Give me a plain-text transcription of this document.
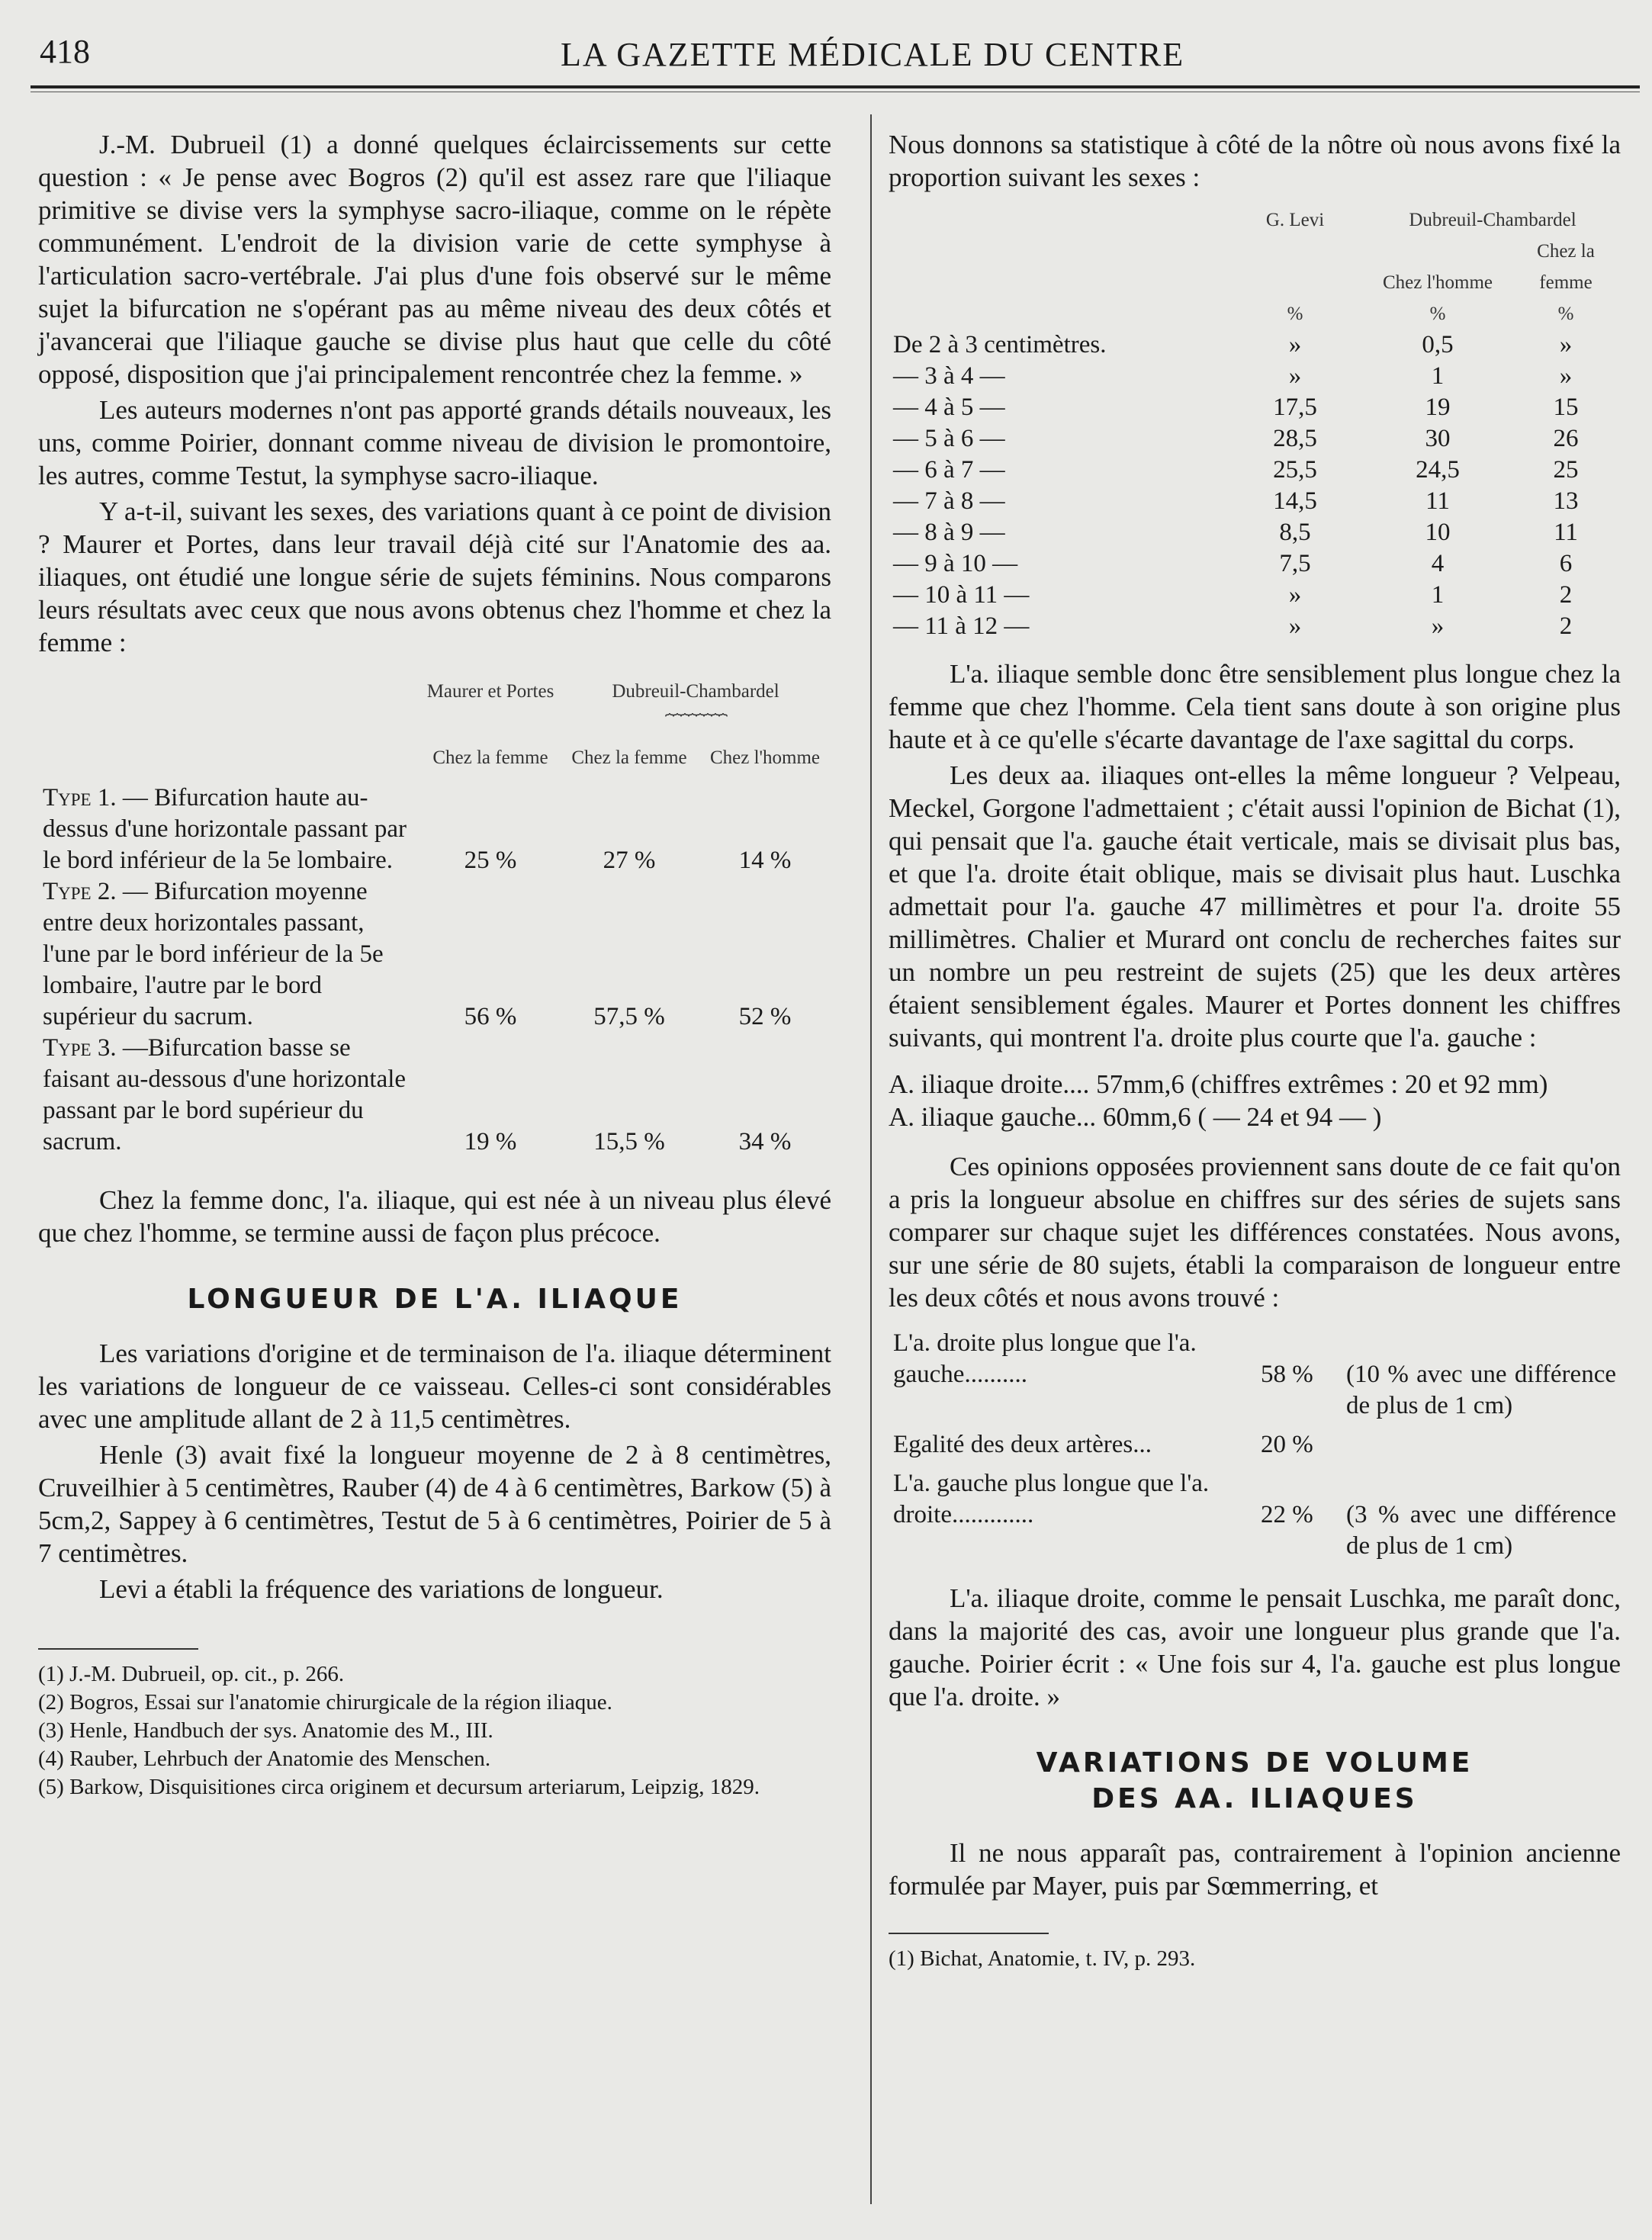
418	LA GAZETTE MÉDICALE DU CENTRE

J.-M. Dubrueil (1) a donné quelques éclaircissements sur cette question : « Je pense avec Bogros (2) qu'il est assez rare que l'iliaque primitive se divise vers la symphyse sacro-iliaque, comme on le répète communément. L'endroit de la division varie de cette symphyse à l'articulation sacro-vertébrale. J'ai plus d'une fois observé sur le même sujet la bifurcation ne s'opérant pas au même niveau des deux côtés et j'avancerai que l'iliaque gauche se divise plus haut que celle du côté opposé, disposition que j'ai principalement rencontrée chez la femme. »

Les auteurs modernes n'ont pas apporté grands détails nouveaux, les uns, comme Poirier, donnant comme niveau de division le promontoire, les autres, comme Testut, la symphyse sacro-iliaque.

Y a-t-il, suivant les sexes, des variations quant à ce point de division ? Maurer et Portes, dans leur travail déjà cité sur l'Anatomie des aa. iliaques, ont étudié une longue série de sujets féminins. Nous comparons leurs résultats avec ceux que nous avons obtenus chez l'homme et chez la femme :

	Maurer et Portes	Dubreuil-Chambardel	
		⏞⏞⏞⏞⏞⏞⏞⏞	
	Chez la femme	Chez la femme	Chez l'homme
Type 1. — Bifurcation haute au-dessus d'une horizontale passant par le bord inférieur de la 5e lombaire.	25 %	27 %	14 %
Type 2. — Bifurcation moyenne entre deux horizontales passant, l'une par le bord inférieur de la 5e lombaire, l'autre par le bord supérieur du sacrum.	56 %	57,5 %	52 %
Type 3. —Bifurcation basse se faisant au-dessous d'une horizontale passant par le bord supérieur du sacrum.	19 %	15,5 %	34 %

Chez la femme donc, l'a. iliaque, qui est née à un niveau plus élevé que chez l'homme, se termine aussi de façon plus précoce.

LONGUEUR DE L'A. ILIAQUE

Les variations d'origine et de terminaison de l'a. iliaque déterminent les variations de longueur de ce vaisseau. Celles-ci sont considérables avec une amplitude allant de 2 à 11,5 centimètres.

Henle (3) avait fixé la longueur moyenne de 2 à 8 centimètres, Cruveilhier à 5 centimètres, Rauber (4) de 4 à 6 centimètres, Barkow (5) à 5cm,2, Sappey à 6 centimètres, Testut de 5 à 6 centimètres, Poirier de 5 à 7 centimètres.

Levi a établi la fréquence des variations de longueur.

(1) J.-M. Dubrueil, op. cit., p. 266.
(2) Bogros, Essai sur l'anatomie chirurgicale de la région iliaque.
(3) Henle, Handbuch der sys. Anatomie des M., III.
(4) Rauber, Lehrbuch der Anatomie des Menschen.
(5) Barkow, Disquisitiones circa originem et decursum arteriarum, Leipzig, 1829.

Nous donnons sa statistique à côté de la nôtre où nous avons fixé la proportion suivant les sexes :

	G. Levi	Dubreuil-Chambardel	
		Chez l'homme	Chez la femme
	%	%	%
De 2 à 3 centimètres.	»	0,5	»
— 3 à 4 —	»	1	»
— 4 à 5 —	17,5	19	15
— 5 à 6 —	28,5	30	26
— 6 à 7 —	25,5	24,5	25
— 7 à 8 —	14,5	11	13
— 8 à 9 —	8,5	10	11
— 9 à 10 —	7,5	4	6
— 10 à 11 —	»	1	2
— 11 à 12 —	»	»	2

L'a. iliaque semble donc être sensiblement plus longue chez la femme que chez l'homme. Cela tient sans doute à son origine plus haute et à ce qu'elle s'écarte davantage de l'axe sagittal du corps.

Les deux aa. iliaques ont-elles la même longueur ? Velpeau, Meckel, Gorgone l'admettaient ; c'était aussi l'opinion de Bichat (1), qui pensait que l'a. gauche était verticale, mais se divisait plus bas, et que l'a. droite était oblique, mais se divisait plus haut. Luschka admettait pour l'a. gauche 47 millimètres et pour l'a. droite 55 millimètres. Chalier et Murard ont conclu de recherches faites sur un nombre un peu restreint de sujets (25) que les deux artères étaient sensiblement égales. Maurer et Portes donnent les chiffres suivants, qui montrent l'a. droite plus courte que l'a. gauche :

A. iliaque droite.... 57mm,6 (chiffres extrêmes : 20 et 92 mm)
A. iliaque gauche... 60mm,6 ( — 24 et 94 — )

Ces opinions opposées proviennent sans doute de ce fait qu'on a pris la longueur absolue en chiffres sur des séries de sujets sans comparer sur chaque sujet les différences constatées. Nous avons, sur une série de 80 sujets, établi la comparaison de longueur entre les deux côtés et nous avons trouvé :

L'a. droite plus longue que l'a. gauche..........	58 %	(10 % avec une différence de plus de 1 cm)
Egalité des deux artères...	20 %	
L'a. gauche plus longue que l'a. droite.............	22 %	(3 % avec une différence de plus de 1 cm)

L'a. iliaque droite, comme le pensait Luschka, me paraît donc, dans la majorité des cas, avoir une longueur plus grande que l'a. gauche. Poirier écrit : « Une fois sur 4, l'a. gauche est plus longue que l'a. droite. »

VARIATIONS DE VOLUME
DES AA. ILIAQUES

Il ne nous apparaît pas, contrairement à l'opinion ancienne formulée par Mayer, puis par Sœmmerring, et

(1) Bichat, Anatomie, t. IV, p. 293.
